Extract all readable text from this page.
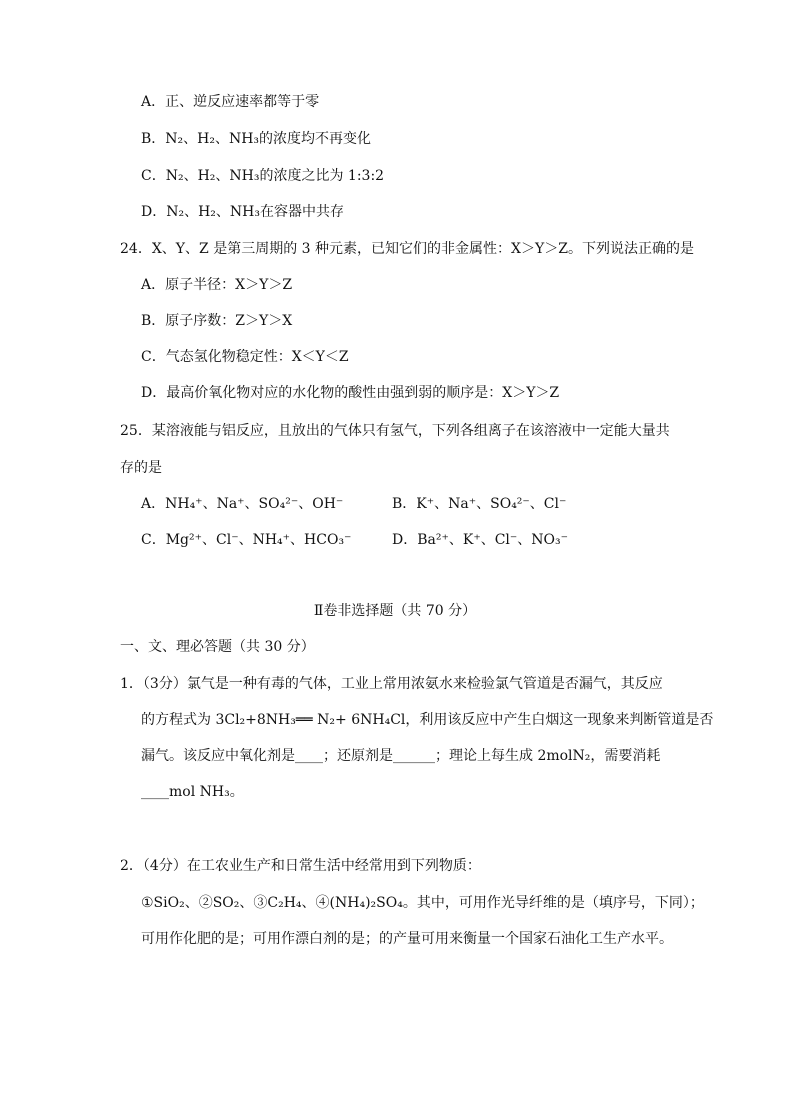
A．正、逆反应速率都等于零
B．N₂、H₂、NH₃的浓度均不再变化
C．N₂、H₂、NH₃的浓度之比为 1:3:2
D．N₂、H₂、NH₃在容器中共存
24．X、Y、Z 是第三周期的 3 种元素，已知它们的非金属性：X＞Y＞Z。下列说法正确的是
A．原子半径：X＞Y＞Z
B．原子序数：Z＞Y＞X
C．气态氢化物稳定性：X＜Y＜Z
D．最高价氧化物对应的水化物的酸性由强到弱的顺序是：X＞Y＞Z
25．某溶液能与铝反应，且放出的气体只有氢气，下列各组离子在该溶液中一定能大量共
存的是
A．NH₄⁺、Na⁺、SO₄²⁻、OH⁻	B．K⁺、Na⁺、SO₄²⁻、Cl⁻
C．Mg²⁺、Cl⁻、NH₄⁺、HCO₃⁻	D．Ba²⁺、K⁺、Cl⁻、NO₃⁻
Ⅱ卷非选择题（共 70 分）
一、文、理必答题（共 30 分）
1．（3分）氯气是一种有毒的气体，工业上常用浓氨水来检验氯气管道是否漏气，其反应
的方程式为 3Cl₂+8NH₃══ N₂+ 6NH₄Cl，利用该反应中产生白烟这一现象来判断管道是否
漏气。该反应中氧化剂是____；还原剂是______；理论上每生成 2molN₂，需要消耗
____mol NH₃。
2．（4分）在工农业生产和日常生活中经常用到下列物质：
①SiO₂、②SO₂、③C₂H₄、④(NH₄)₂SO₄。其中，可用作光导纤维的是（填序号，下同）；
可用作化肥的是；可用作漂白剂的是；的产量可用来衡量一个国家石油化工生产水平。
